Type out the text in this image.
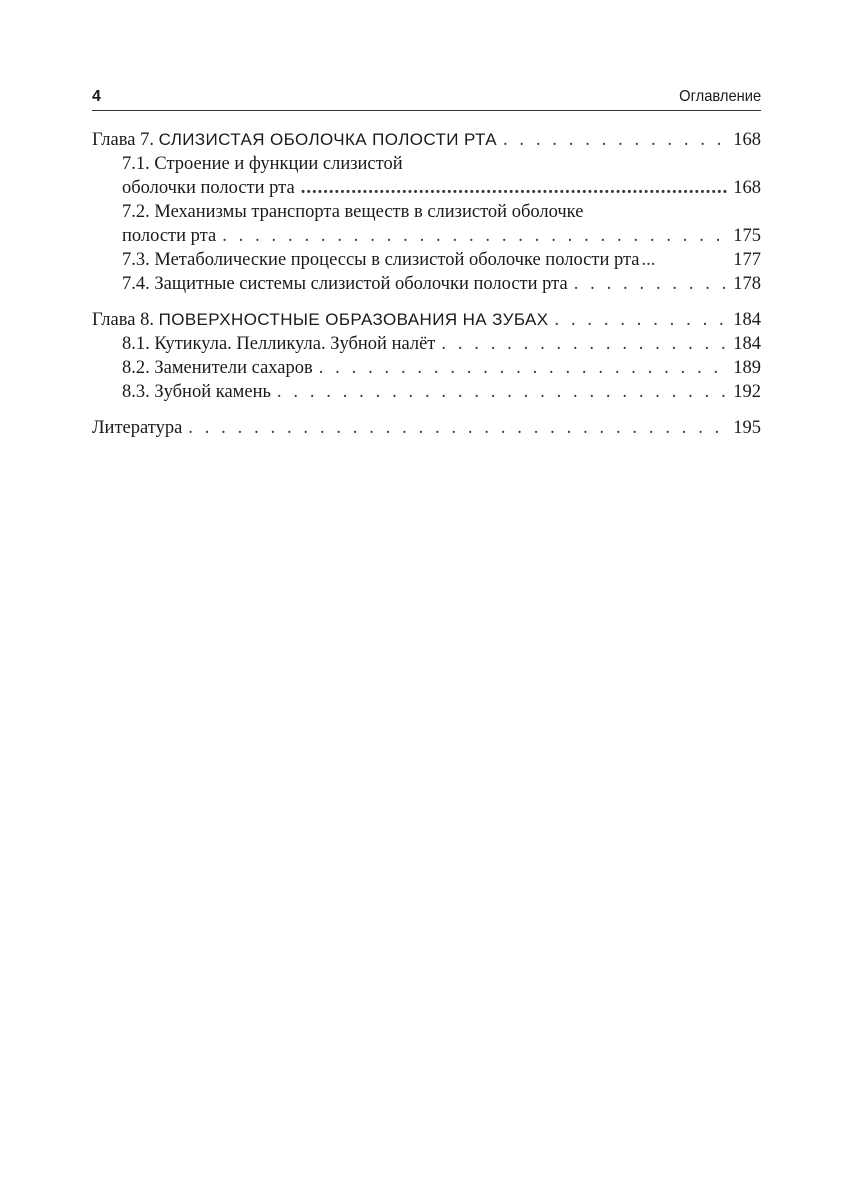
4	Оглавление
Глава 7. СЛИЗИСТАЯ ОБОЛОЧКА ПОЛОСТИ РТА . . .	168
7.1. Строение и функции слизистой
оболочки полости рта .....	168
7.2. Механизмы транспорта веществ в слизистой оболочке
полости рта . . .	175
7.3. Метаболические процессы в слизистой оболочке полости рта ...	177
7.4. Защитные системы слизистой оболочки полости рта . . .	178
Глава 8. ПОВЕРХНОСТНЫЕ ОБРАЗОВАНИЯ НА ЗУБАХ . . .	184
8.1. Кутикула. Пелликула. Зубной налёт . . .	184
8.2. Заменители сахаров . . .	189
8.3. Зубной камень . . .	192
Литература . . .	195
